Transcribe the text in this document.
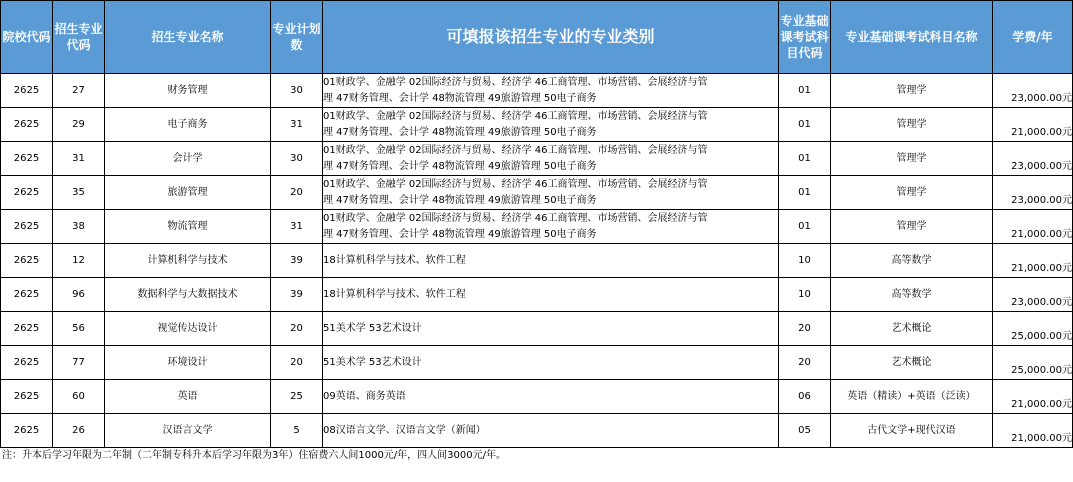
院校代码	招生专业代码	招生专业名称	专业计划数	可填报该招生专业的专业类别	专业基础课考试科目代码	专业基础课考试科目名称	学费/年
2625	27	财务管理	30	01财政学、金融学 02国际经济与贸易、经济学 46工商管理、市场营销、会展经济与管
理 47财务管理、会计学 48物流管理 49旅游管理 50电子商务	01	管理学	23,000.00元
2625	29	电子商务	31	01财政学、金融学 02国际经济与贸易、经济学 46工商管理、市场营销、会展经济与管
理 47财务管理、会计学 48物流管理 49旅游管理 50电子商务	01	管理学	21,000.00元
2625	31	会计学	30	01财政学、金融学 02国际经济与贸易、经济学 46工商管理、市场营销、会展经济与管
理 47财务管理、会计学 48物流管理 49旅游管理 50电子商务	01	管理学	23,000.00元
2625	35	旅游管理	20	01财政学、金融学 02国际经济与贸易、经济学 46工商管理、市场营销、会展经济与管
理 47财务管理、会计学 48物流管理 49旅游管理 50电子商务	01	管理学	23,000.00元
2625	38	物流管理	31	01财政学、金融学 02国际经济与贸易、经济学 46工商管理、市场营销、会展经济与管
理 47财务管理、会计学 48物流管理 49旅游管理 50电子商务	01	管理学	21,000.00元
2625	12	计算机科学与技术	39	18计算机科学与技术、软件工程	10	高等数学	21,000.00元
2625	96	数据科学与大数据技术	39	18计算机科学与技术、软件工程	10	高等数学	23,000.00元
2625	56	视觉传达设计	20	51美术学 53艺术设计	20	艺术概论	25,000.00元
2625	77	环境设计	20	51美术学 53艺术设计	20	艺术概论	25,000.00元
2625	60	英语	25	09英语、商务英语	06	英语（精读）+英语（泛读）	21,000.00元
2625	26	汉语言文学	5	08汉语言文学、汉语言文学（新闻）	05	古代文学+现代汉语	21,000.00元
注：升本后学习年限为二年制（二年制专科升本后学习年限为3年）住宿费六人间1000元/年，四人间3000元/年。
